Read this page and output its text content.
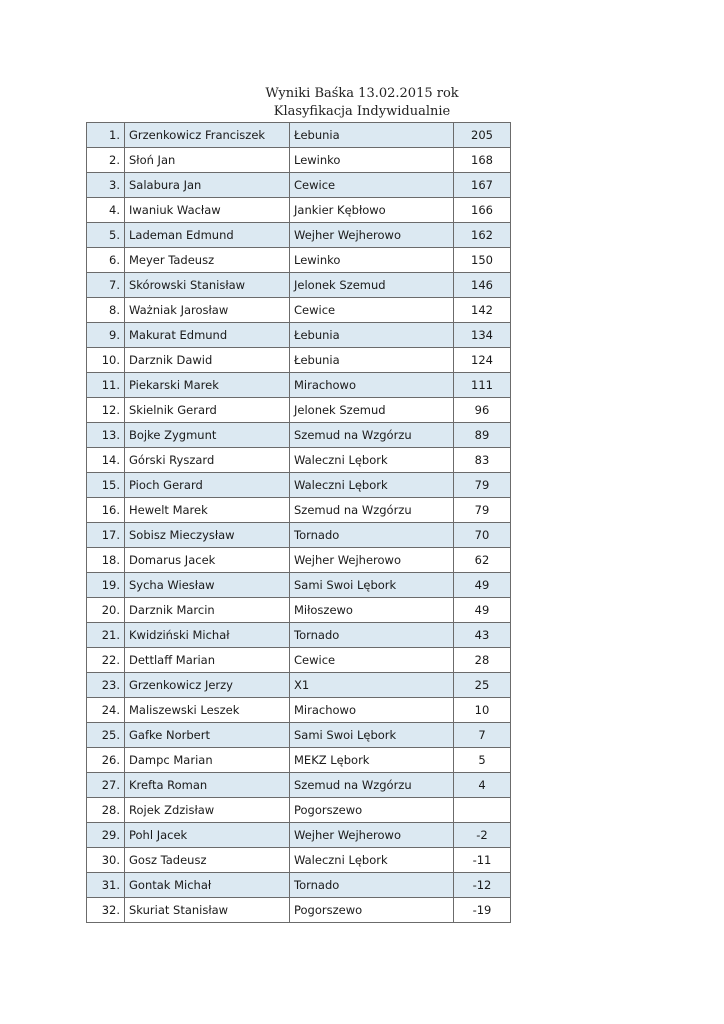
Wyniki Baśka 13.02.2015 rok

Klasyfikacja Indywidualnie

1.	Grzenkowicz Franciszek	Łebunia	205
2.	Słoń Jan	Lewinko	168
3.	Salabura Jan	Cewice	167
4.	Iwaniuk Wacław	Jankier Kębłowo	166
5.	Lademan Edmund	Wejher Wejherowo	162
6.	Meyer Tadeusz	Lewinko	150
7.	Skórowski Stanisław	Jelonek Szemud	146
8.	Ważniak Jarosław	Cewice	142
9.	Makurat Edmund	Łebunia	134
10.	Darznik Dawid	Łebunia	124
11.	Piekarski Marek	Mirachowo	111
12.	Skielnik Gerard	Jelonek Szemud	96
13.	Bojke Zygmunt	Szemud na Wzgórzu	89
14.	Górski Ryszard	Waleczni Lębork	83
15.	Pioch Gerard	Waleczni Lębork	79
16.	Hewelt Marek	Szemud na Wzgórzu	79
17.	Sobisz Mieczysław	Tornado	70
18.	Domarus Jacek	Wejher Wejherowo	62
19.	Sycha Wiesław	Sami Swoi Lębork	49
20.	Darznik Marcin	Miłoszewo	49
21.	Kwidziński Michał	Tornado	43
22.	Dettlaff Marian	Cewice	28
23.	Grzenkowicz Jerzy	X1	25
24.	Maliszewski Leszek	Mirachowo	10
25.	Gafke Norbert	Sami Swoi Lębork	7
26.	Dampc Marian	MEKZ Lębork	5
27.	Krefta Roman	Szemud na Wzgórzu	4
28.	Rojek Zdzisław	Pogorszewo	
29.	Pohl Jacek	Wejher Wejherowo	-2
30.	Gosz Tadeusz	Waleczni Lębork	-11
31.	Gontak Michał	Tornado	-12
32.	Skuriat Stanisław	Pogorszewo	-19
